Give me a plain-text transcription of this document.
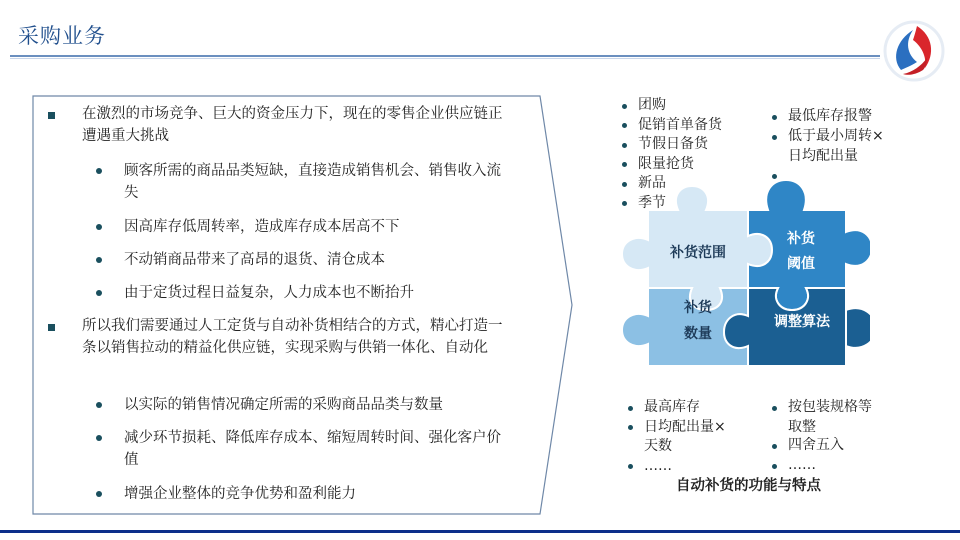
采购业务
在激烈的市场竞争、巨大的资金压力下，现在的零售企业供应链正遭遇重大挑战
顾客所需的商品品类短缺，直接造成销售机会、销售收入流失
因高库存低周转率，造成库存成本居高不下
不动销商品带来了高昂的退货、清仓成本
由于定货过程日益复杂，人力成本也不断抬升
所以我们需要通过人工定货与自动补货相结合的方式，精心打造一条以销售拉动的精益化供应链，实现采购与供销一体化、自动化
以实际的销售情况确定所需的采购商品品类与数量
减少环节损耗、降低库存成本、缩短周转时间、强化客户价值
增强企业整体的竞争优势和盈利能力
补货范围
补货
阈值
补货
数量
调整算法
团购
促销首单备货
节假日备货
限量抢货
新品
季节
最低库存报警
低于最小周转×
日均配出量
最高库存
日均配出量×
天数
……
按包装规格等
取整
四舍五入
……
自动补货的功能与特点
